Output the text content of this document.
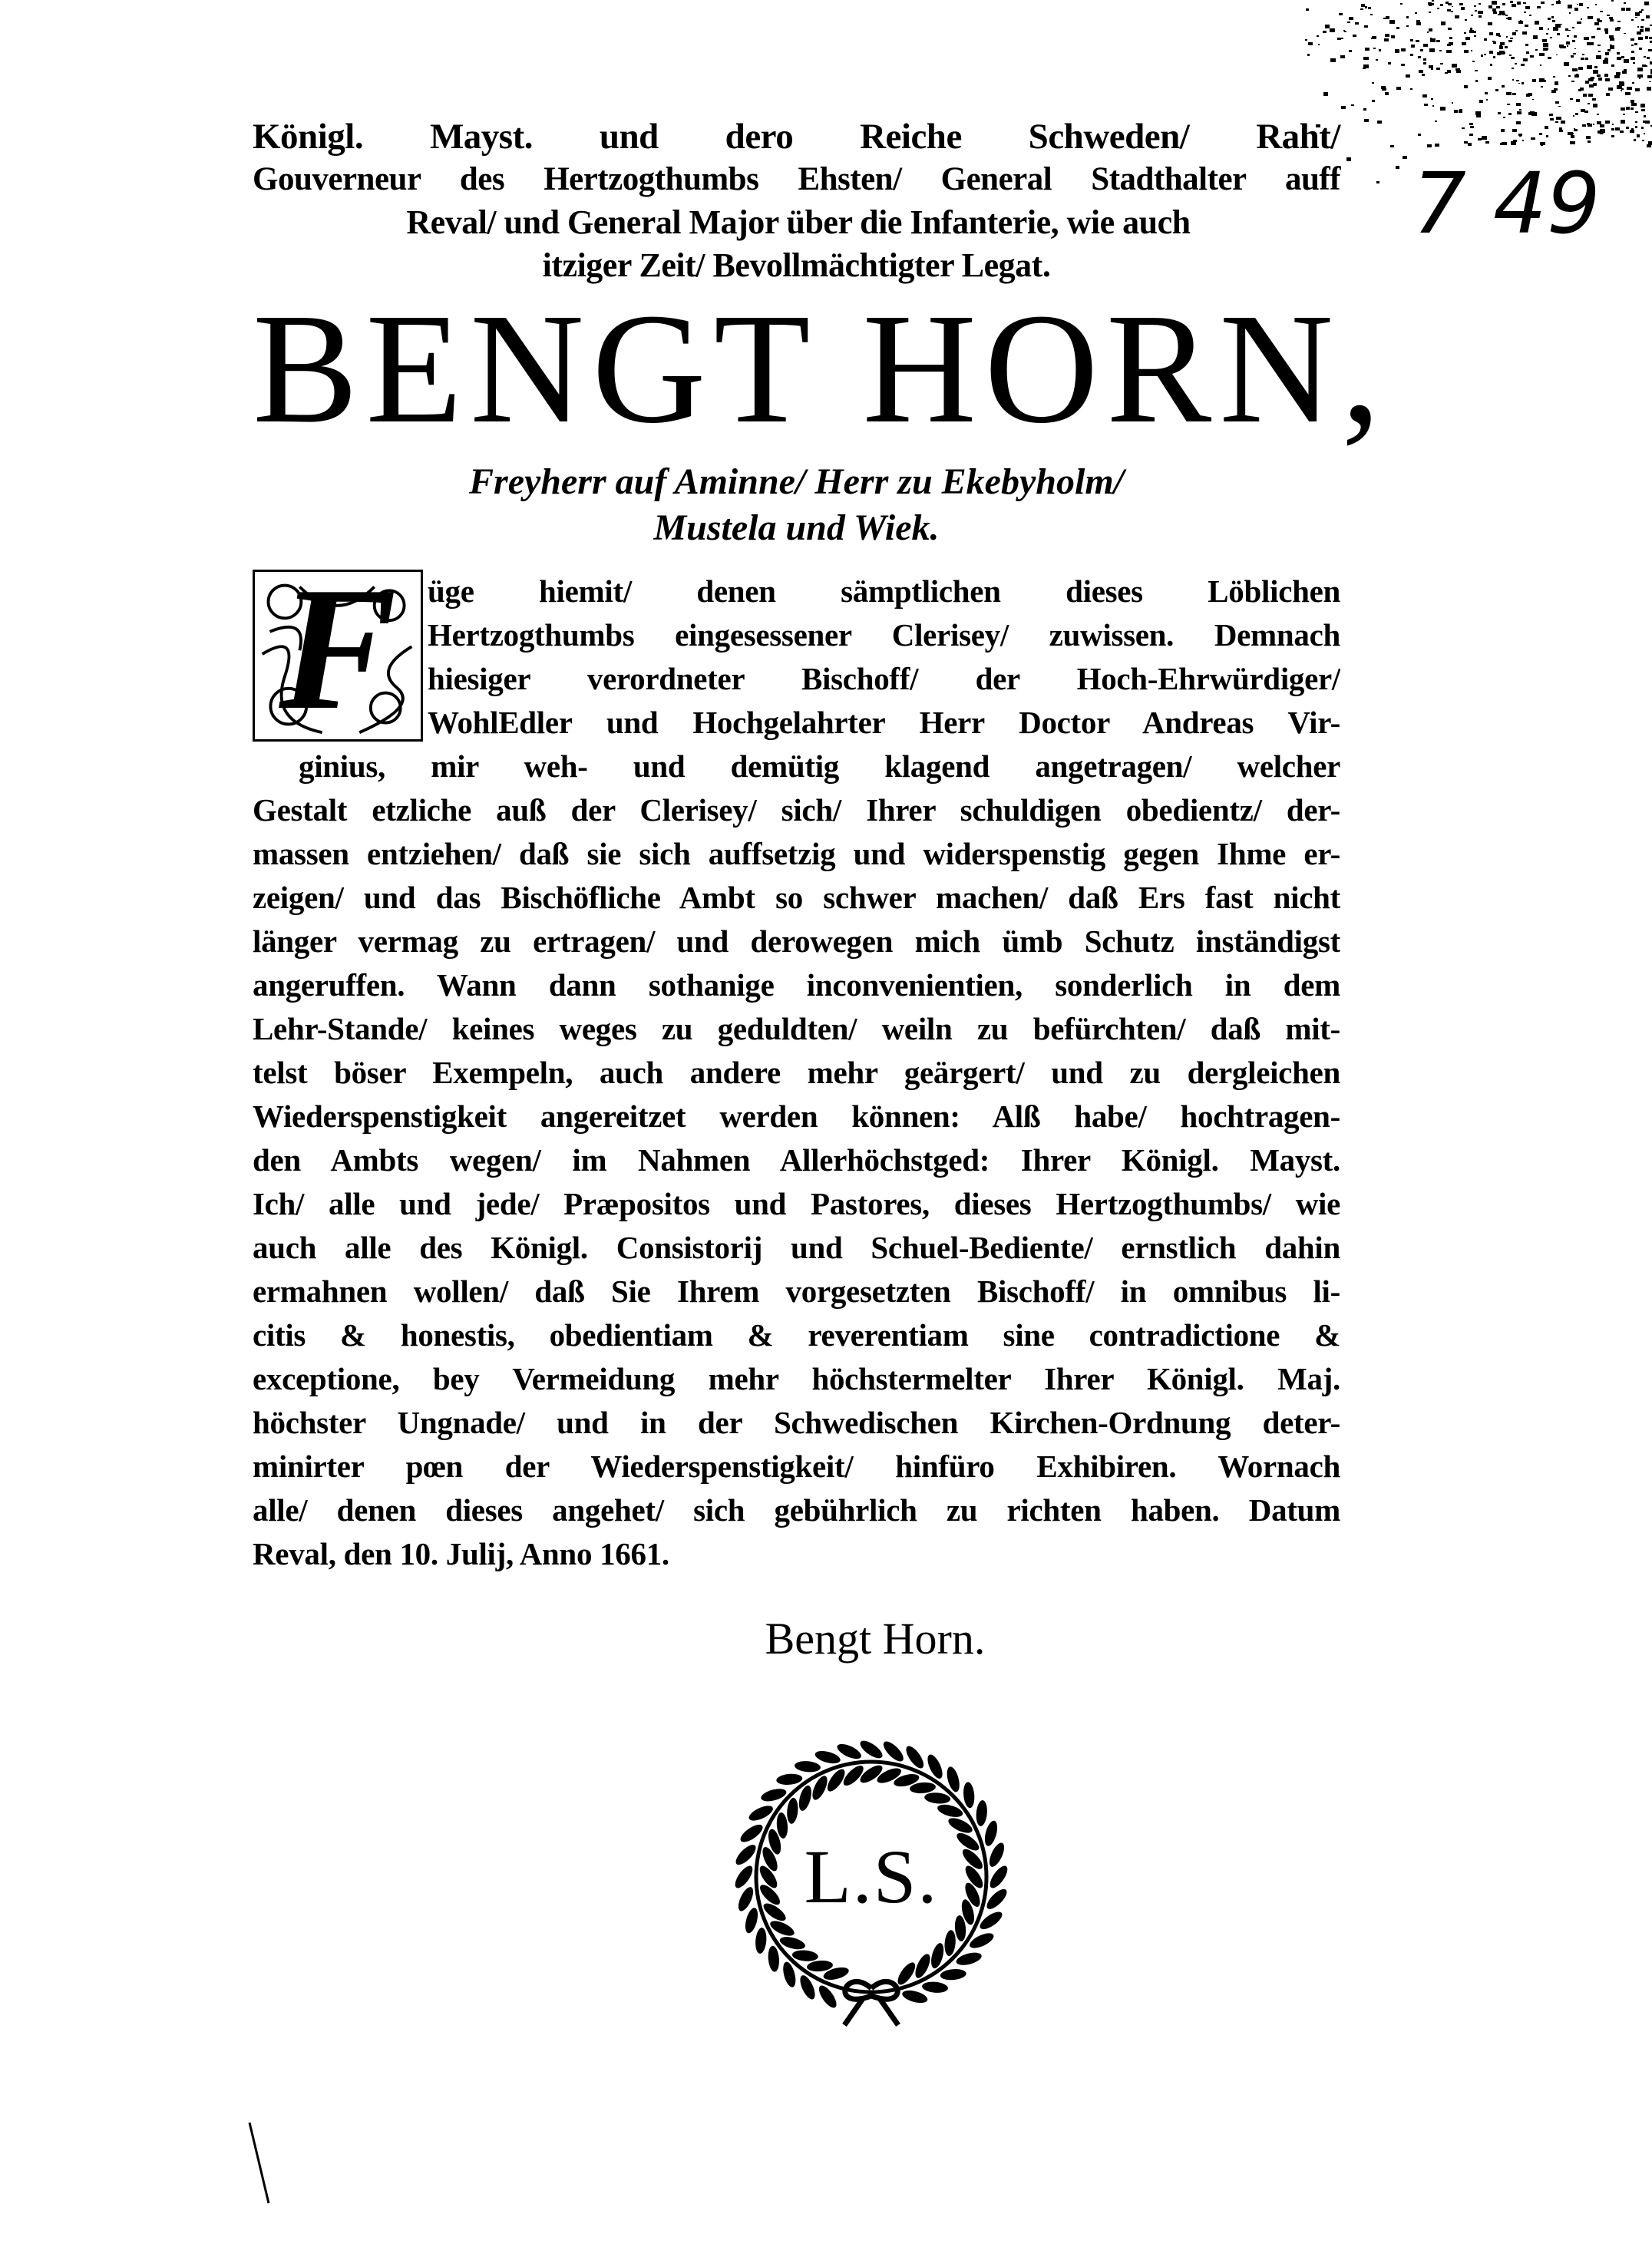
7 49
Königl. Mayst. und dero Reiche Schweden/ Raht/
Gouverneur des Hertzogthumbs Ehsten/ General Stadthalter auff
Reval/ und General Major über die Infanterie, wie auch
itziger Zeit/ Bevollmächtigter Legat.
BENGT HORN,
Freyherr auf Aminne/ Herr zu Ekebyholm/
Mustela und Wiek.
F üge hiemit/ denen sämptlichen dieses Löblichen
Hertzogthumbs eingesessener Clerisey/ zuwissen. Demnach
hiesiger verordneter Bischoff/ der Hoch-Ehrwürdiger/
WohlEdler und Hochgelahrter Herr Doctor Andreas Vir-
ginius, mir weh- und demütig klagend angetragen/ welcher
Gestalt etzliche auß der Clerisey/ sich/ Ihrer schuldigen obedientz/ der-
massen entziehen/ daß sie sich auffsetzig und widerspenstig gegen Ihme er-
zeigen/ und das Bischöfliche Ambt so schwer machen/ daß Ers fast nicht
länger vermag zu ertragen/ und derowegen mich ümb Schutz inständigst
angeruffen. Wann dann sothanige inconvenientien, sonderlich in dem
Lehr-Stande/ keines weges zu geduldten/ weiln zu befürchten/ daß mit-
telst böser Exempeln, auch andere mehr geärgert/ und zu dergleichen
Wiederspenstigkeit angereitzet werden können: Alß habe/ hochtragen-
den Ambts wegen/ im Nahmen Allerhöchstged: Ihrer Königl. Mayst.
Ich/ alle und jede/ Præpositos und Pastores, dieses Hertzogthumbs/ wie
auch alle des Königl. Consistorij und Schuel-Bediente/ ernstlich dahin
ermahnen wollen/ daß Sie Ihrem vorgesetzten Bischoff/ in omnibus li-
citis & honestis, obedientiam & reverentiam sine contradictione &
exceptione, bey Vermeidung mehr höchstermelter Ihrer Königl. Maj.
höchster Ungnade/ und in der Schwedischen Kirchen-Ordnung deter-
minirter pœn der Wiederspenstigkeit/ hinfüro Exhibiren. Wornach
alle/ denen dieses angehet/ sich gebührlich zu richten haben. Datum
Reval, den 10. Julij, Anno 1661.
Bengt Horn.
L.S.
